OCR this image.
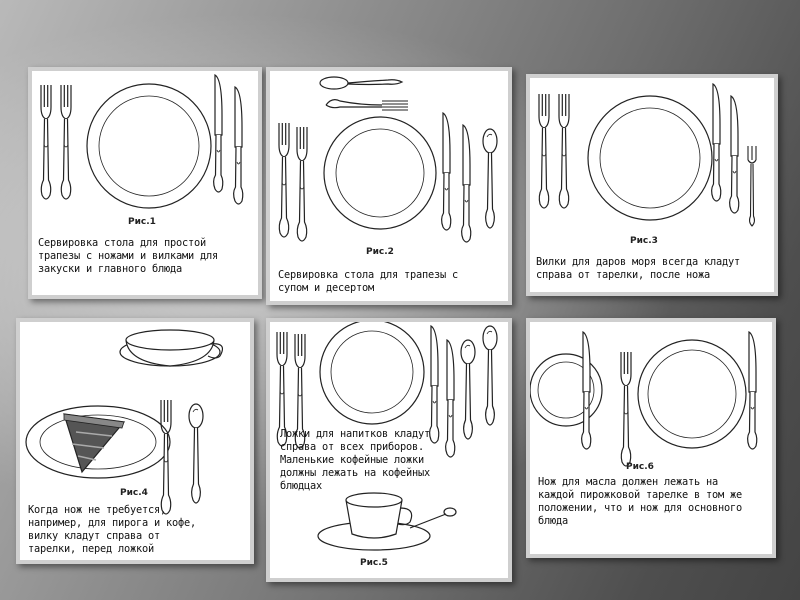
Рис.1
Сервировка стола для простой
трапезы с ножами и вилками для
закуски и главного блюда
Рис.2
Сервировка стола для трапезы с
супом и десертом
Рис.3
Вилки для даров моря всегда кладут
справа от тарелки, после ножа
Рис.4
Когда нож не требуется,
например, для пирога и кофе,
вилку кладут справа от
тарелки, перед ложкой
Ложки для напитков кладут
справа от всех приборов.
Маленькие кофейные ложки
должны лежать на кофейных
блюдцах
Рис.5
Рис.6
Нож для масла должен лежать на
каждой пирожковой тарелке в том же
положении, что и нож для основного
блюда
